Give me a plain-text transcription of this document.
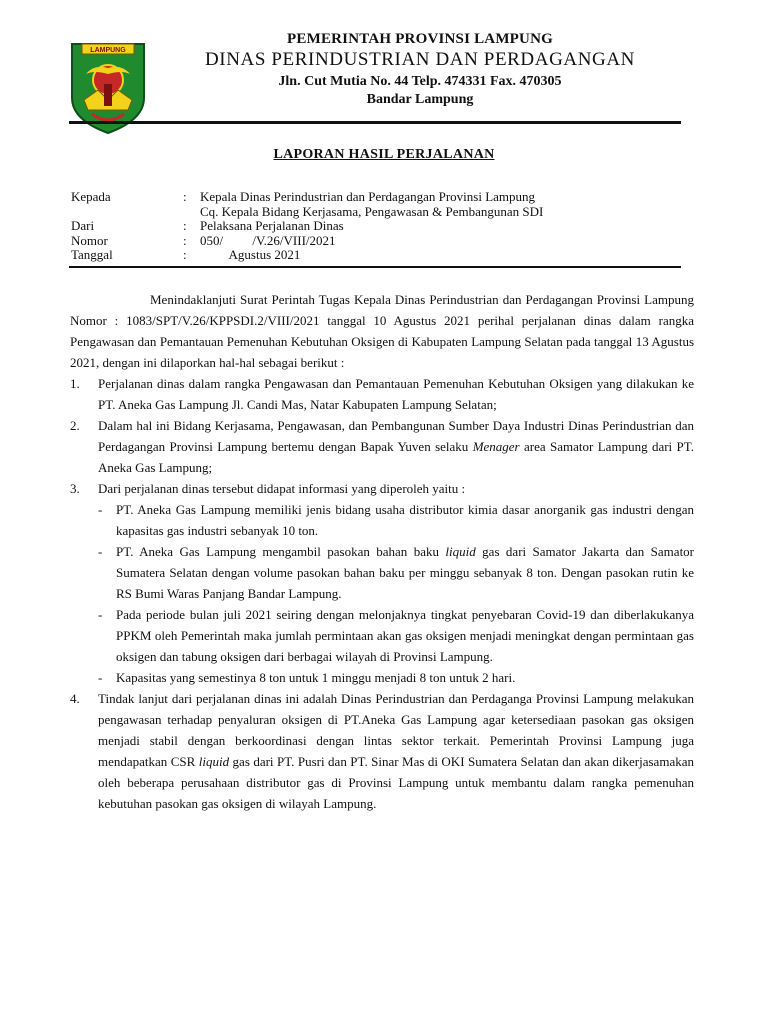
LAMPUNG
PEMERINTAH PROVINSI LAMPUNG
DINAS PERINDUSTRIAN DAN PERDAGANGAN
Jln. Cut Mutia No. 44 Telp. 474331 Fax. 470305
Bandar Lampung
LAPORAN HASIL PERJALANAN
Kepada	:	Kepala Dinas Perindustrian dan Perdagangan Provinsi Lampung
Cq. Kepala Bidang Kerjasama, Pengawasan & Pembangunan SDI
Dari	:	Pelaksana Perjalanan Dinas
Nomor	:	050/         /V.26/VIII/2021
Tanggal	:	Agustus 2021

Menindaklanjuti Surat Perintah Tugas Kepala Dinas Perindustrian dan Perdagangan Provinsi Lampung Nomor : 1083/SPT/V.26/KPPSDI.2/VIII/2021 tanggal 10 Agustus 2021 perihal perjalanan dinas dalam rangka Pengawasan dan Pemantauan Pemenuhan Kebutuhan Oksigen di Kabupaten Lampung Selatan pada tanggal 13 Agustus 2021, dengan ini dilaporkan hal-hal sebagai berikut :

1.	Perjalanan dinas dalam rangka Pengawasan dan Pemantauan Pemenuhan Kebutuhan Oksigen yang dilakukan ke PT. Aneka Gas Lampung Jl. Candi Mas, Natar Kabupaten Lampung Selatan;
2.	Dalam hal ini Bidang Kerjasama, Pengawasan, dan Pembangunan Sumber Daya Industri Dinas Perindustrian dan Perdagangan Provinsi Lampung bertemu dengan Bapak Yuven selaku Menager area Samator Lampung dari PT. Aneka Gas Lampung;
3.	Dari perjalanan dinas tersebut didapat informasi yang diperoleh yaitu :
-	PT. Aneka Gas Lampung memiliki jenis bidang usaha distributor kimia dasar anorganik gas industri dengan kapasitas gas industri sebanyak 10 ton.
-	PT. Aneka Gas Lampung mengambil pasokan bahan baku liquid gas dari Samator Jakarta dan Samator Sumatera Selatan dengan volume pasokan bahan baku per minggu sebanyak 8 ton. Dengan pasokan rutin ke RS Bumi Waras Panjang Bandar Lampung.
-	Pada periode bulan juli 2021 seiring dengan melonjaknya tingkat penyebaran Covid-19 dan diberlakukanya PPKM oleh Pemerintah maka jumlah permintaan akan gas oksigen menjadi meningkat dengan permintaan gas oksigen dan tabung oksigen dari berbagai wilayah di Provinsi Lampung.
-	Kapasitas yang semestinya 8 ton untuk 1 minggu menjadi 8 ton untuk 2 hari.
4.	Tindak lanjut dari perjalanan dinas ini adalah Dinas Perindustrian dan Perdaganga Provinsi Lampung melakukan pengawasan terhadap penyaluran oksigen di PT.Aneka Gas Lampung agar ketersediaan pasokan gas oksigen menjadi stabil dengan berkoordinasi dengan lintas sektor terkait. Pemerintah Provinsi Lampung juga mendapatkan CSR liquid gas dari PT. Pusri dan PT. Sinar Mas di OKI Sumatera Selatan dan akan dikerjasamakan oleh beberapa perusahaan distributor gas di Provinsi Lampung untuk membantu dalam rangka pemenuhan kebutuhan pasokan gas oksigen di wilayah Lampung.
